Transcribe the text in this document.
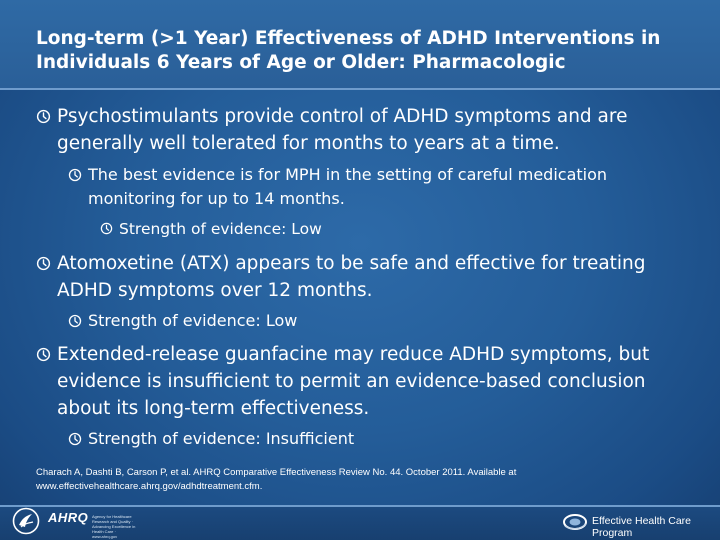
Long-term (>1 Year) Effectiveness of ADHD Interventions in Individuals 6 Years of Age or Older: Pharmacologic
Psychostimulants provide control of ADHD symptoms and are generally well tolerated for months to years at a time.
The best evidence is for MPH in the setting of careful medication monitoring for up to 14 months.
Strength of evidence: Low
Atomoxetine (ATX) appears to be safe and effective for treating ADHD symptoms over 12 months.
Strength of evidence: Low
Extended-release guanfacine may reduce ADHD symptoms, but evidence is insufficient to permit an evidence-based conclusion about its long-term effectiveness.
Strength of evidence: Insufficient
Charach A, Dashti B, Carson P, et al. AHRQ Comparative Effectiveness Review No. 44. October 2011. Available at www.effectivehealthcare.ahrq.gov/adhdtreatment.cfm.
AHRQ Agency for Healthcare Research and Quality · Advancing Excellence in Health Care · www.ahrq.gov
Effective Health Care Program
